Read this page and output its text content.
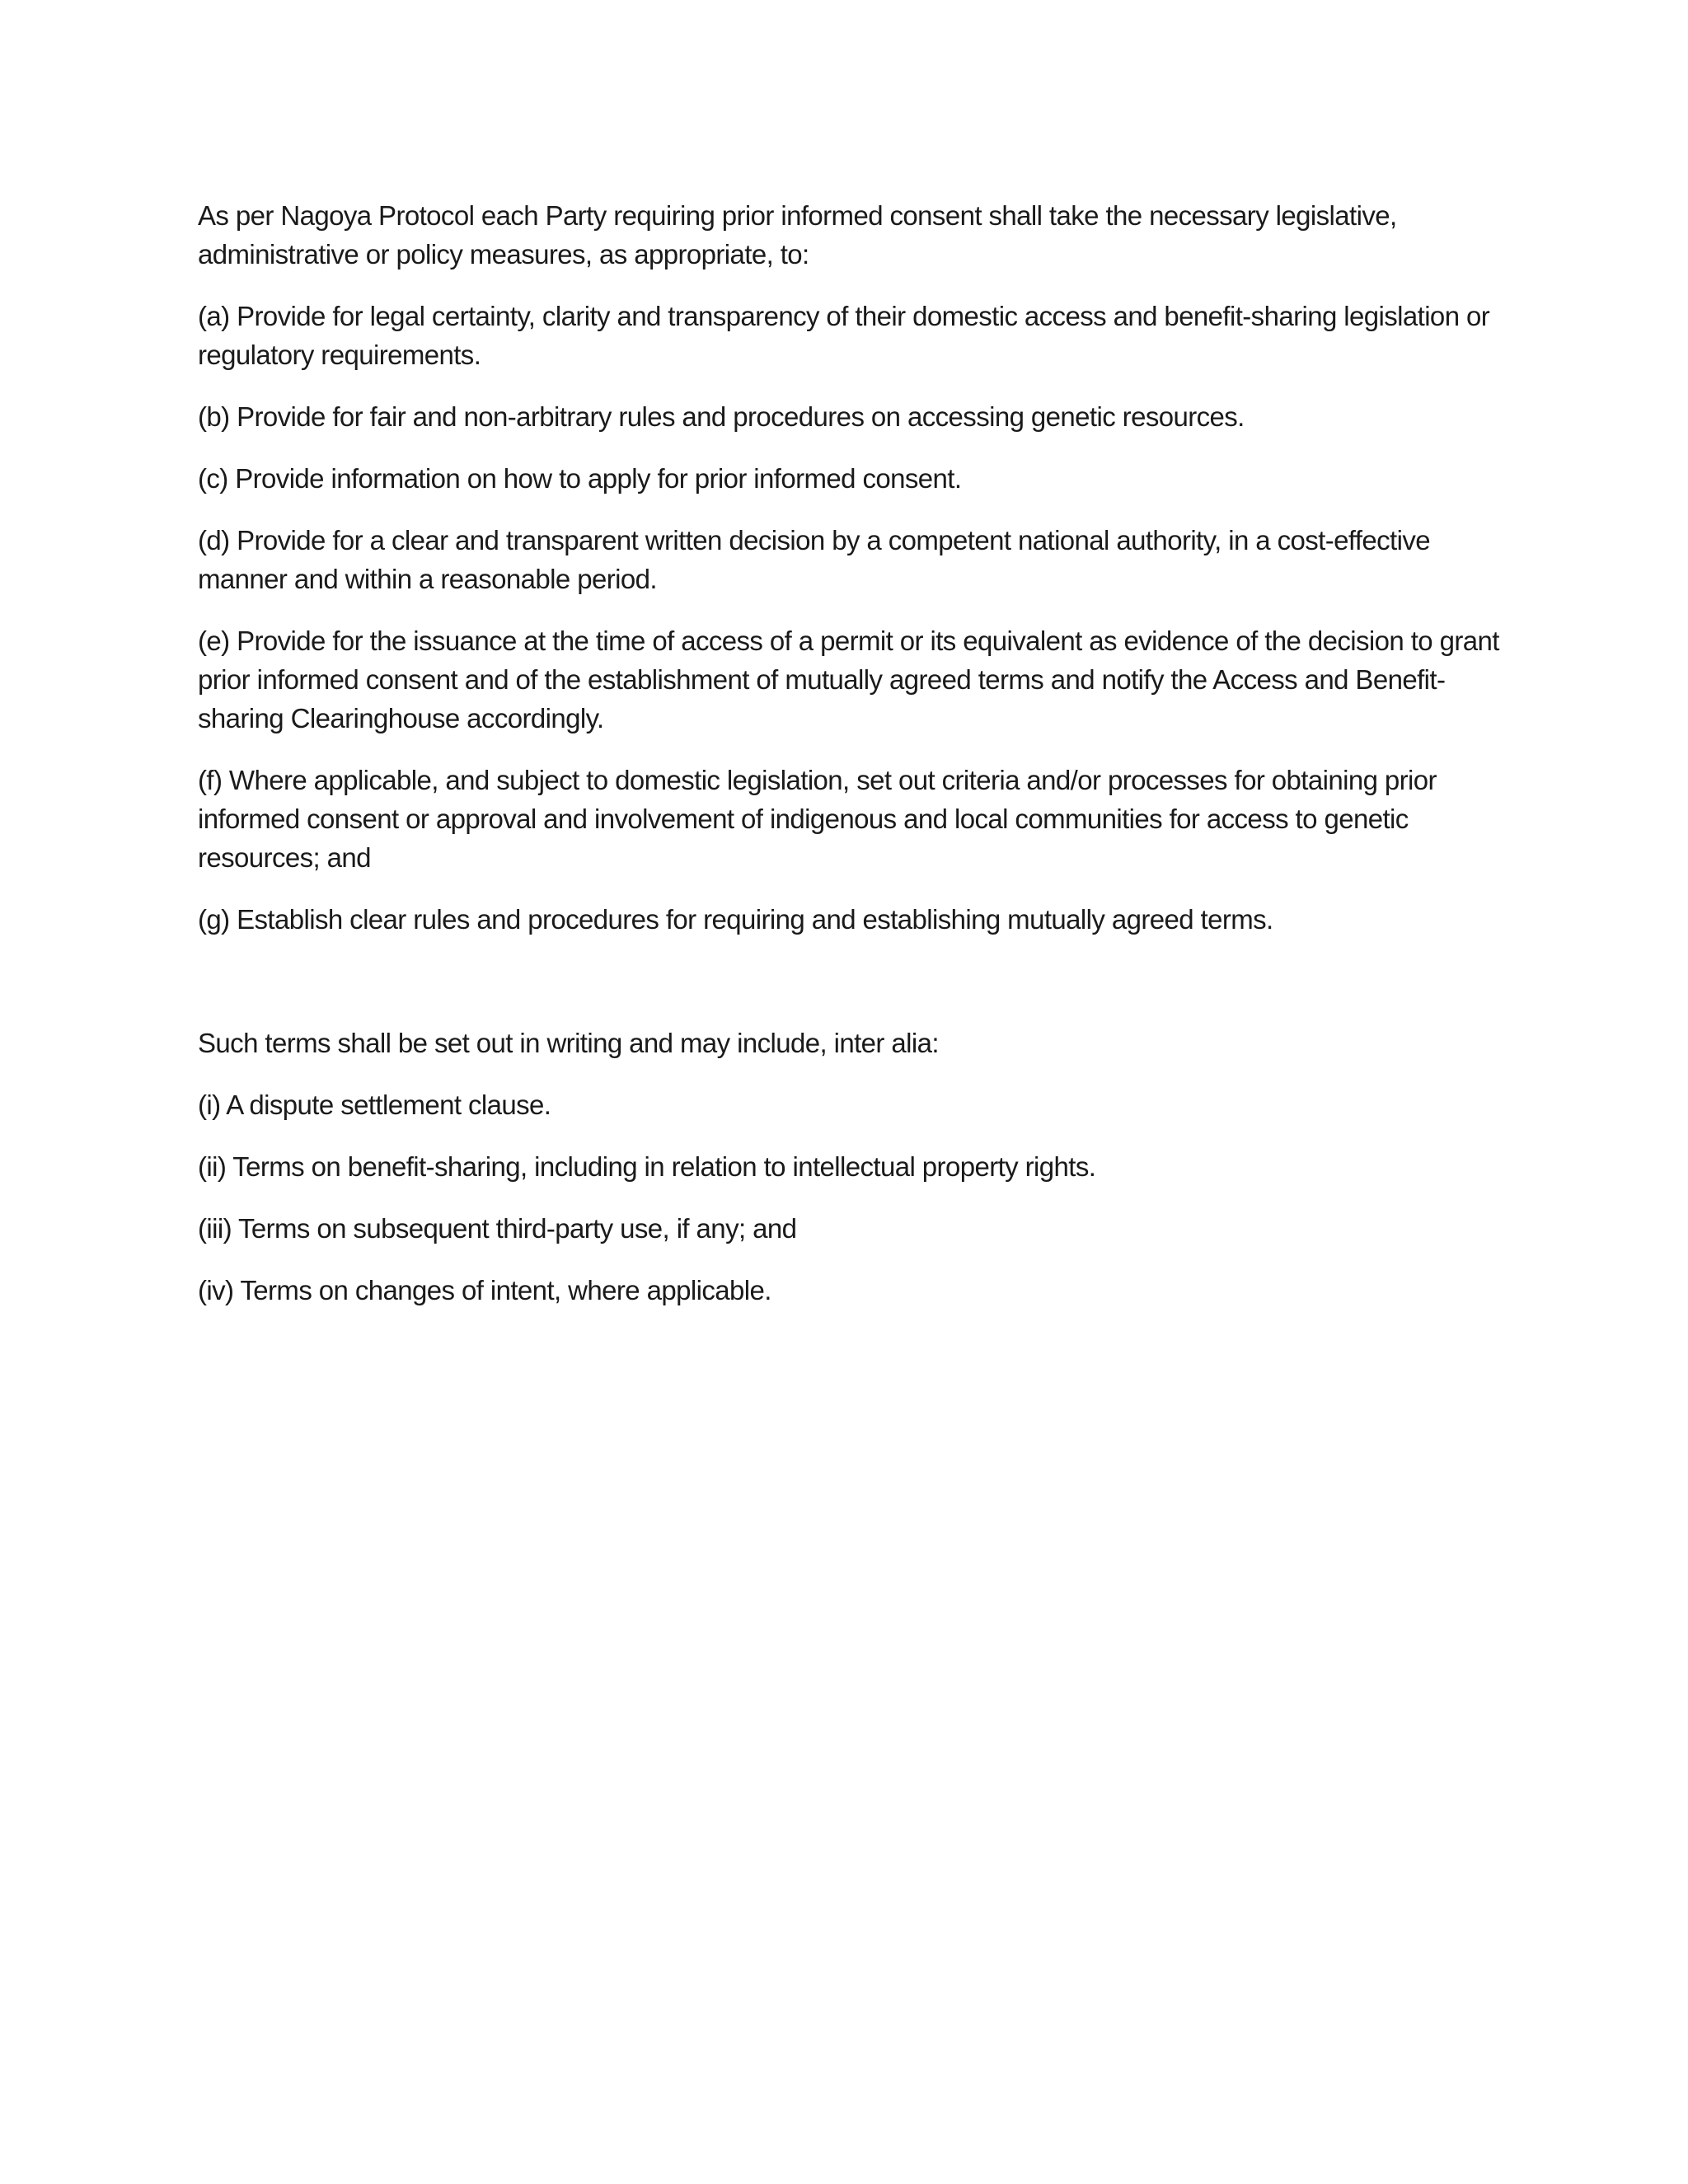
As per Nagoya Protocol each Party requiring prior informed consent shall take the necessary legislative, administrative or policy measures, as appropriate, to:

(a) Provide for legal certainty, clarity and transparency of their domestic access and benefit-sharing legislation or regulatory requirements.

(b) Provide for fair and non-arbitrary rules and procedures on accessing genetic resources.

(c) Provide information on how to apply for prior informed consent.

(d) Provide for a clear and transparent written decision by a competent national authority, in a cost-effective manner and within a reasonable period.

(e) Provide for the issuance at the time of access of a permit or its equivalent as evidence of the decision to grant prior informed consent and of the establishment of mutually agreed terms and notify the Access and Benefit-sharing Clearinghouse accordingly.

(f) Where applicable, and subject to domestic legislation, set out criteria and/or processes for obtaining prior informed consent or approval and involvement of indigenous and local communities for access to genetic resources; and

(g) Establish clear rules and procedures for requiring and establishing mutually agreed terms.

Such terms shall be set out in writing and may include, inter alia:

(i) A dispute settlement clause.

(ii) Terms on benefit-sharing, including in relation to intellectual property rights.

(iii) Terms on subsequent third-party use, if any; and

(iv) Terms on changes of intent, where applicable.
